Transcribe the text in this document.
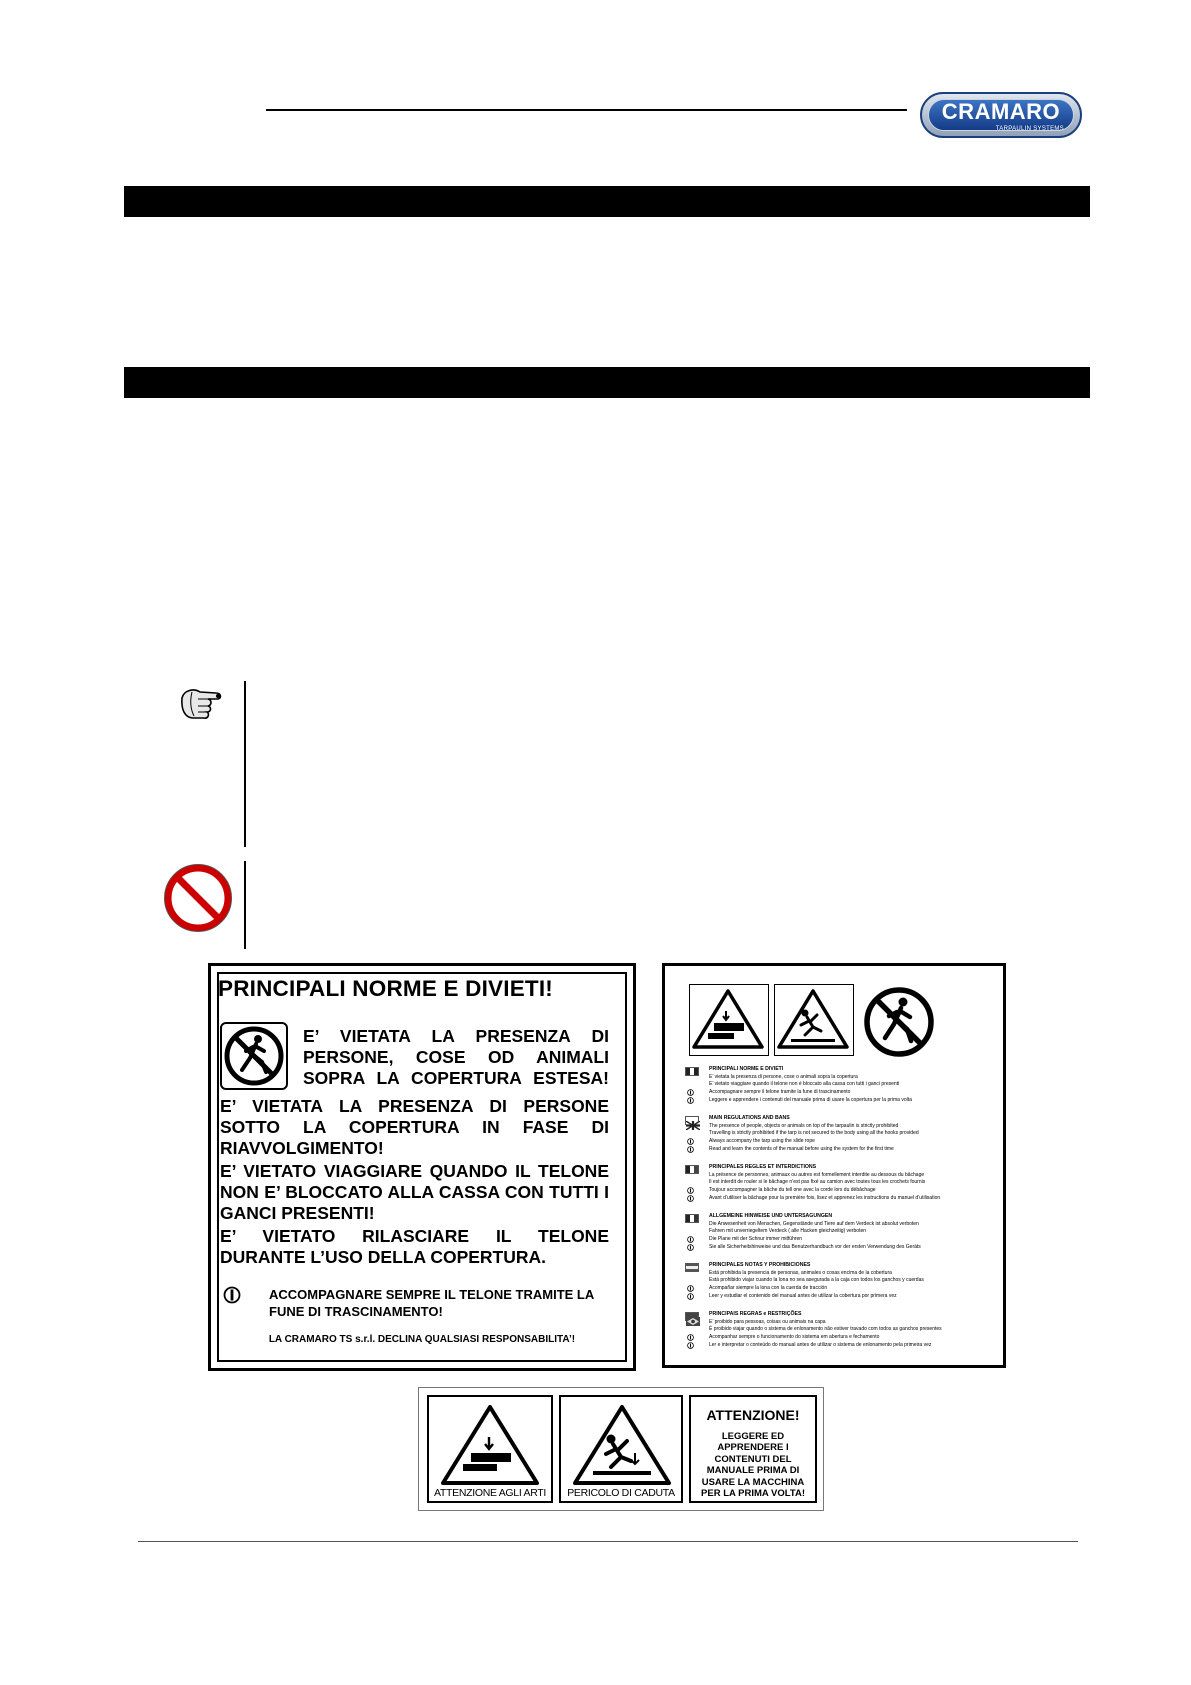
CRAMARO
TARPAULIN SYSTEMS
PRINCIPALI NORME E DIVIETI!
E’ VIETATA LA PRESENZA DI PERSONE, COSE OD ANIMALI SOPRA LA COPERTURA ESTESA!
E’ VIETATA LA PRESENZA DI PERSONE SOTTO LA COPERTURA IN FASE DI RIAVVOLGIMENTO!
E’ VIETATO VIAGGIARE QUANDO IL TELONE NON E’ BLOCCATO ALLA CASSA CON TUTTI I GANCI PRESENTI!
E’ VIETATO RILASCIARE IL TELONE DURANTE L’USO DELLA COPERTURA.
ACCOMPAGNARE SEMPRE IL TELONE TRAMITE LA FUNE DI TRASCINAMENTO!
LA CRAMARO TS s.r.l. DECLINA QUALSIASI RESPONSABILITA’!
PRINCIPALI NORME E DIVIETI
E’ vietata la presenza di persone, cose o animali sopra la copertura
E’ vietato viaggiare quando il telone non è bloccato alla cassa con tutti i ganci presenti
Accompagnare sempre il telone tramite la fune di trascinamento
Leggere e apprendere i contenuti del manuale prima di usare la copertura per la prima volta
MAIN REGULATIONS AND BANS
The presence of people, objects or animals on top of the tarpaulin is strictly prohibited
Travelling is strictly prohibited if the tarp is not secured to the body using all the hooks provided
Always accompany the tarp using the slide rope
Read and learn the contents of the manual before using the system for the first time
PRINCIPALES REGLES ET INTERDICTIONS
La présence de personnes, animaux ou autres est formellement interdite au dessous du bâchage
Il est interdit de rouler si le bâchage n’est pas fixé au camion avec toutes tous les crochets fournis
Toujour accompagner la bâche du tell one avec la corde lors du débâchage
Avant d’utiliser la bâchage pour la première fois, lisez et apprenez les instructions du manuel d’utilisation
ALLGEMEINE HINWEISE UND UNTERSAGUNGEN
Die Anwesenheit von Menschen, Gegenstände und Tiere auf dem Verdeck ist absolut verboten
Fahren mit unverriegeltem Verdeck ( alle Hacken gleichzeitig) verboten
Die Plane mit der Schnur immer mitführen
Sie alle Sicherheitshinweise und das Benutzerhandbuch vor der ersten Verwendung des Geräts
PRINCIPALES NOTAS Y PROHIBICIONES
Está prohibida la presencia de personas, animales o cosas encima de la cobertura
Está prohibido viajar cuando la lona no sea asegurada a la caja con todos los ganchos y cuerdas
Acompañar siempre la lona con la cuerda de tracción
Leer y estudiar el contenido del manual antes de utilizar la cobertura por primera vez
PRINCIPAIS REGRAS e RESTRIÇÕES
E’ proibido para pessoas, coisas ou animais na capa
É proibido viajar quando o sistema de enlonamento não estiver travado com todos as ganchos presentes
Acompanhar sempre o funcionamento do sistema em abertura e fechamento
Ler e interpretar o conteúdo do manual antes de utilizar o sistema de enlonamento pela primeira vez
ATTENZIONE AGLI ARTI	PERICOLO DI CADUTA
ATTENZIONE!
LEGGERE ED APPRENDERE I CONTENUTI DEL MANUALE PRIMA DI USARE LA MACCHINA PER LA PRIMA VOLTA!
